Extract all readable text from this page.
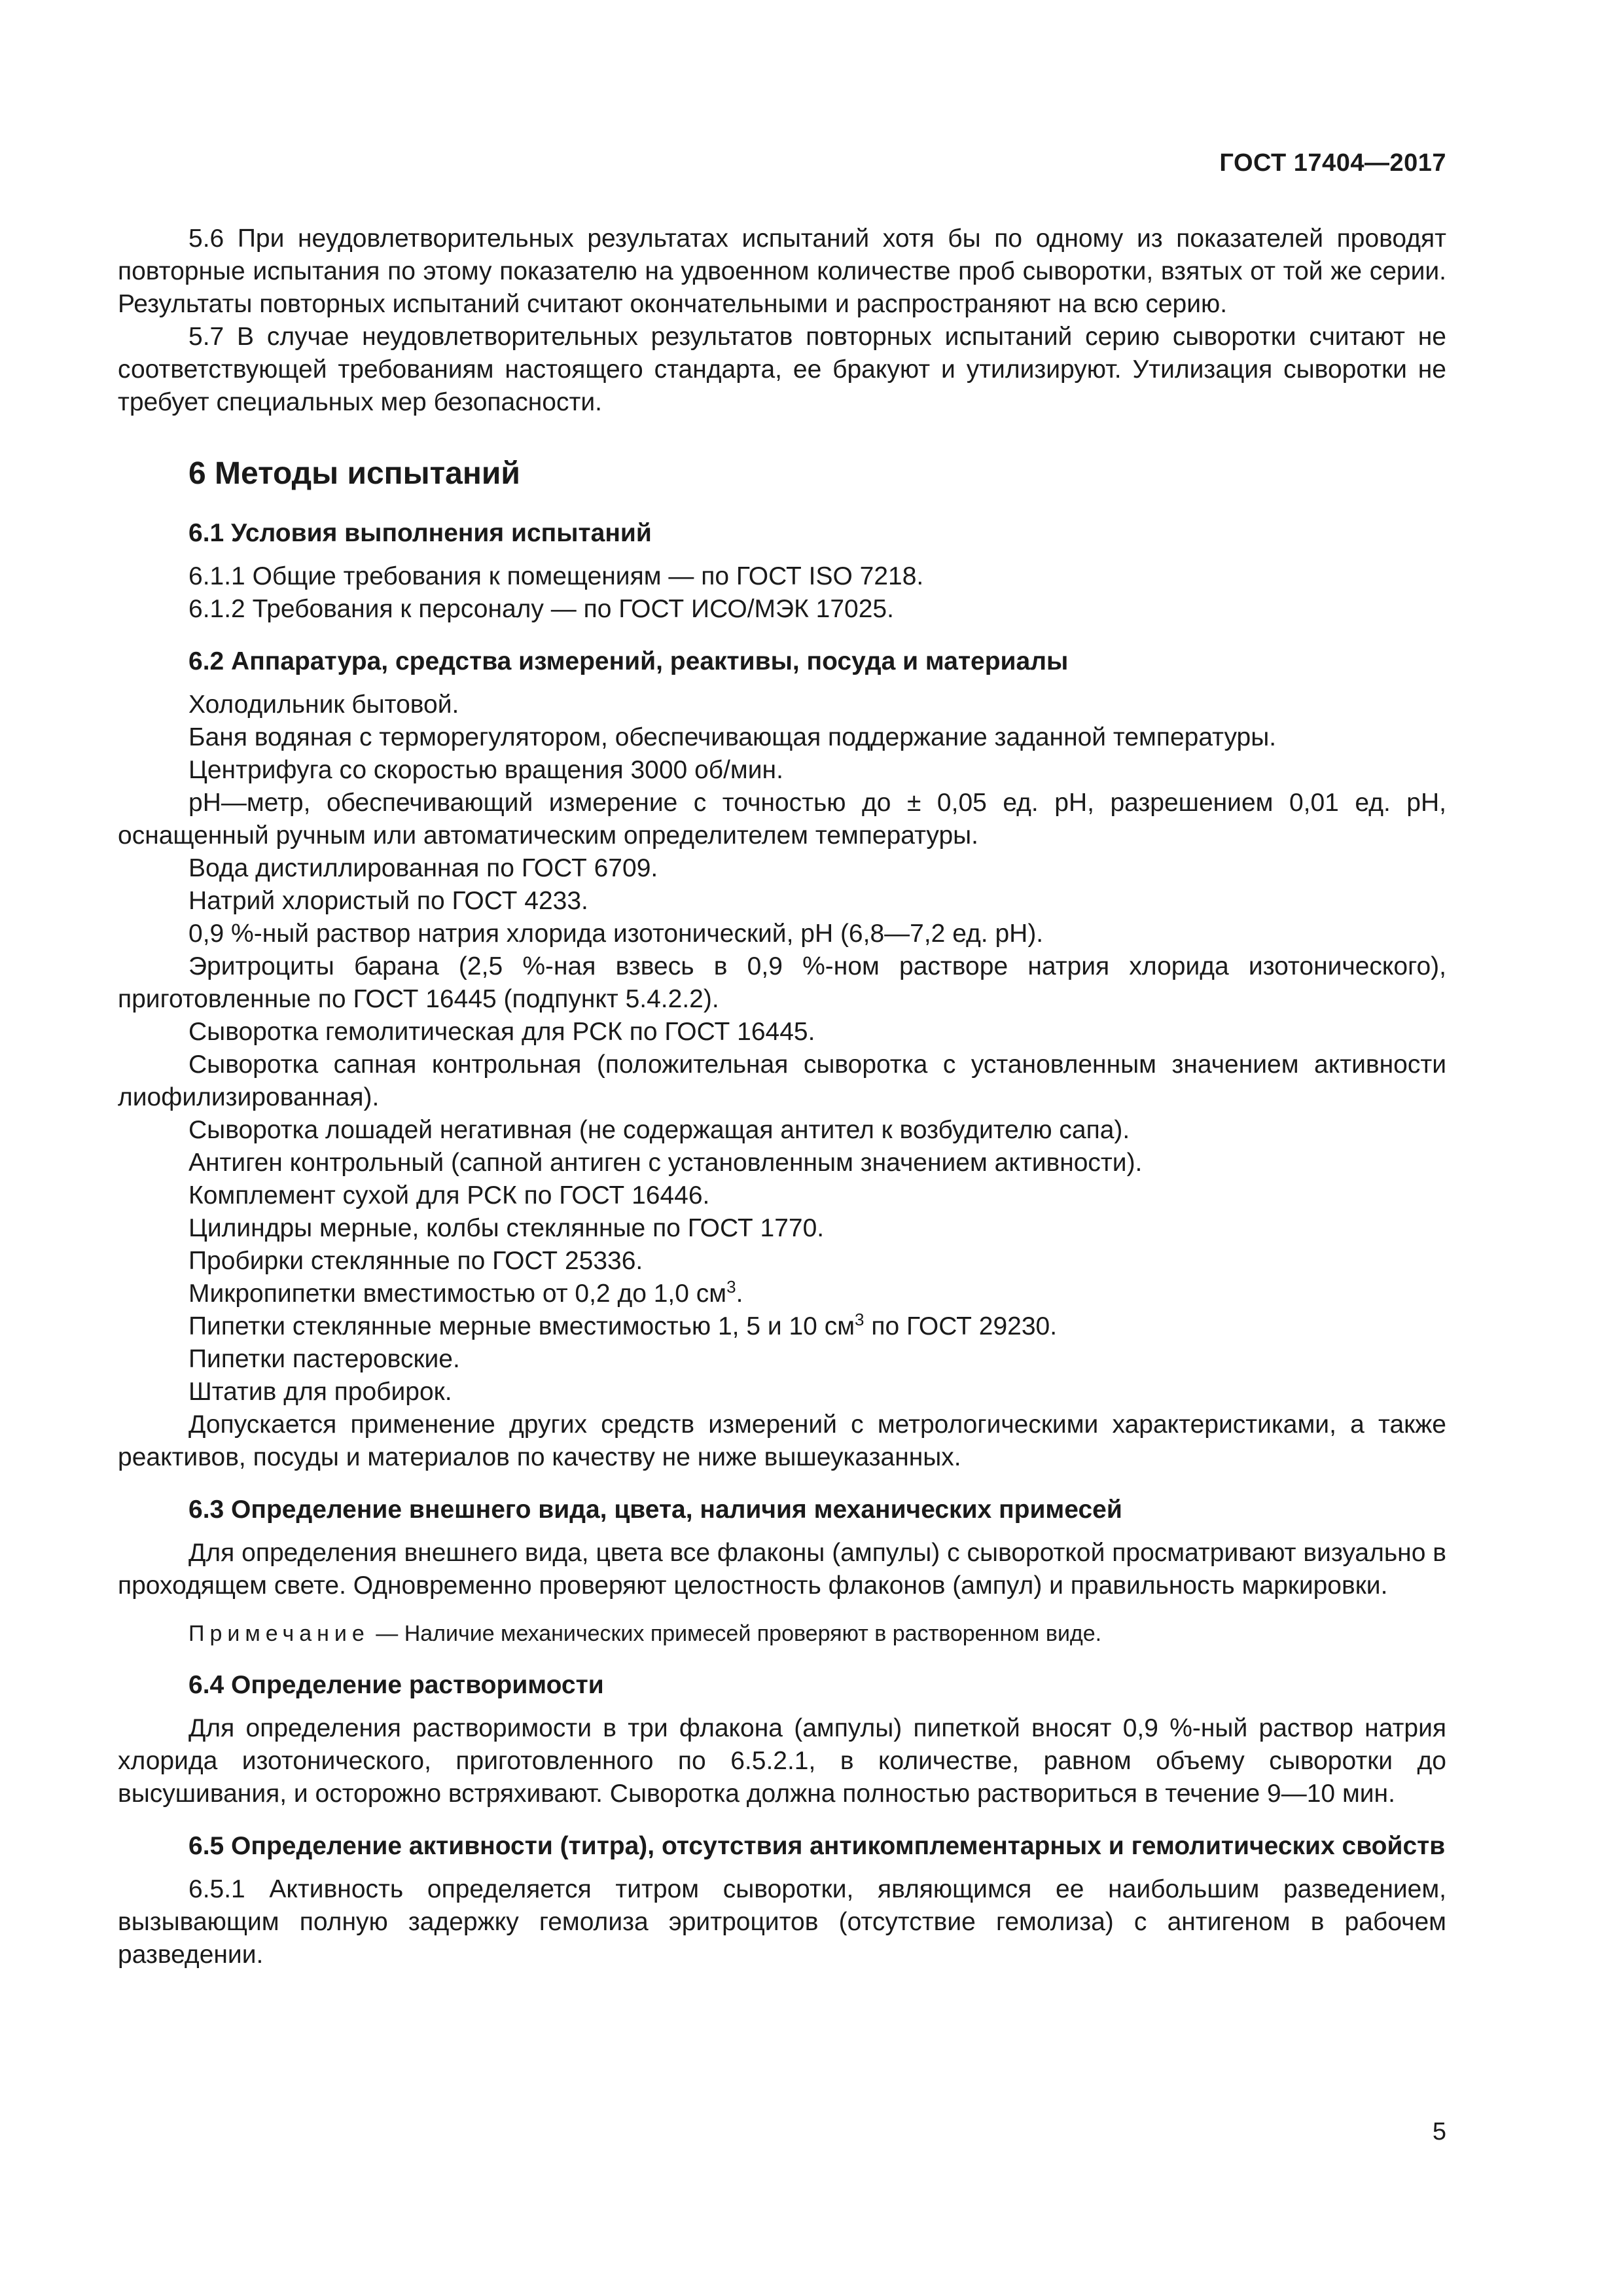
ГОСТ 17404—2017

5.6 При неудовлетворительных результатах испытаний хотя бы по одному из показателей проводят повторные испытания по этому показателю на удвоенном количестве проб сыворотки, взятых от той же серии. Результаты повторных испытаний считают окончательными и распространяют на всю серию.

5.7 В случае неудовлетворительных результатов повторных испытаний серию сыворотки считают не соответствующей требованиям настоящего стандарта, ее бракуют и утилизируют. Утилизация сыворотки не требует специальных мер безопасности.

6 Методы испытаний
6.1 Условия выполнения испытаний

6.1.1 Общие требования к помещениям — по ГОСТ ISO 7218.

6.1.2 Требования к персоналу — по ГОСТ ИСО/МЭК 17025.

6.2 Аппаратура, средства измерений, реактивы, посуда и материалы

Холодильник бытовой.

Баня водяная с терморегулятором, обеспечивающая поддержание заданной температуры.

Центрифуга со скоростью вращения 3000 об/мин.

pH—метр, обеспечивающий измерение с точностью до ± 0,05 ед. pH, разрешением 0,01 ед. pH, оснащенный ручным или автоматическим определителем температуры.

Вода дистиллированная по ГОСТ 6709.

Натрий хлористый по ГОСТ 4233.

0,9 %-ный раствор натрия хлорида изотонический, pH (6,8—7,2 ед. pH).

Эритроциты барана (2,5 %-ная взвесь в 0,9 %-ном растворе натрия хлорида изотонического), приготовленные по ГОСТ 16445 (подпункт 5.4.2.2).

Сыворотка гемолитическая для РСК по ГОСТ 16445.

Сыворотка сапная контрольная (положительная сыворотка с установленным значением активности лиофилизированная).

Сыворотка лошадей негативная (не содержащая антител к возбудителю сапа).

Антиген контрольный (сапной антиген с установленным значением активности).

Комплемент сухой для РСК по ГОСТ 16446.

Цилиндры мерные, колбы стеклянные по ГОСТ 1770.

Пробирки стеклянные по ГОСТ 25336.

Микропипетки вместимостью от 0,2 до 1,0 $см^3$.

Пипетки стеклянные мерные вместимостью 1, 5 и 10 $см^3$ по ГОСТ 29230.

Пипетки пастеровские.

Штатив для пробирок.

Допускается применение других средств измерений с метрологическими характеристиками, а также реактивов, посуды и материалов по качеству не ниже вышеуказанных.

6.3 Определение внешнего вида, цвета, наличия механических примесей

Для определения внешнего вида, цвета все флаконы (ампулы) с сывороткой просматривают визуально в проходящем свете. Одновременно проверяют целостность флаконов (ампул) и правильность маркировки.

Примечание — Наличие механических примесей проверяют в растворенном виде.
6.4 Определение растворимости

Для определения растворимости в три флакона (ампулы) пипеткой вносят 0,9 %-ный раствор натрия хлорида изотонического, приготовленного по 6.5.2.1, в количестве, равном объему сыворотки до высушивания, и осторожно встряхивают. Сыворотка должна полностью раствориться в течение 9—10 мин.

6.5 Определение активности (титра), отсутствия антикомплементарных и гемолитических свойств

6.5.1 Активность определяется титром сыворотки, являющимся ее наибольшим разведением, вызывающим полную задержку гемолиза эритроцитов (отсутствие гемолиза) с антигеном в рабочем разведении.

5
